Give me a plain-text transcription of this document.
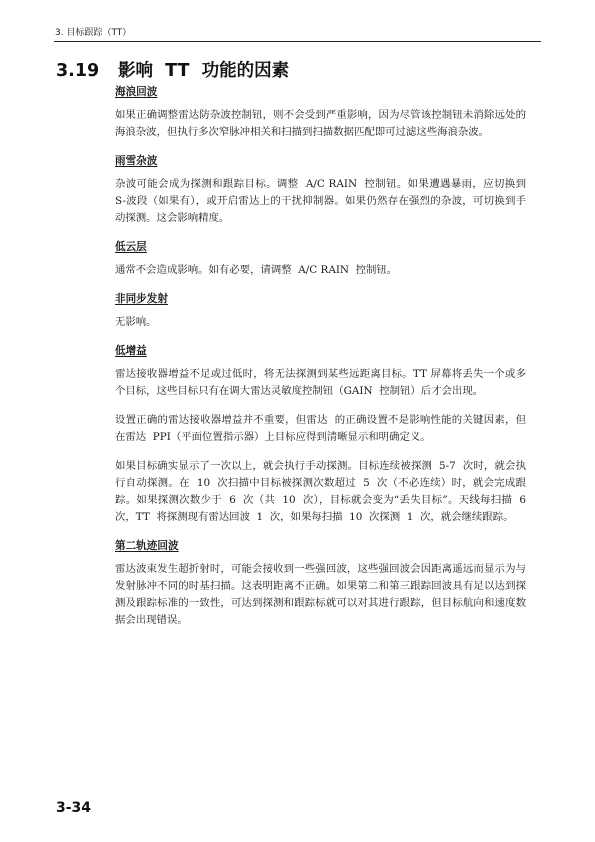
3. 目标跟踪（TT）
3.19 影响  TT  功能的因素
海浪回波

如果正确调整雷达防杂波控制钮，则不会受到严重影响，因为尽管该控制钮未消除远处的海浪杂波，但执行多次窄脉冲相关和扫描到扫描数据匹配即可过滤这些海浪杂波。

雨雪杂波

杂波可能会成为探测和跟踪目标。调整  A/C RAIN  控制钮。如果遭遇暴雨，应切换到  S-波段（如果有），或开启雷达上的干扰抑制器。如果仍然存在强烈的杂波，可切换到手动探测。这会影响精度。

低云层

通常不会造成影响。如有必要，请调整  A/C RAIN  控制钮。

非同步发射

无影响。

低增益

雷达接收器增益不足或过低时，将无法探测到某些远距离目标。TT 屏幕将丢失一个或多个目标，这些目标只有在调大雷达灵敏度控制钮（GAIN  控制钮）后才会出现。

设置正确的雷达接收器增益并不重要，但雷达  的正确设置不是影响性能的关键因素，但在雷达  PPI（平面位置指示器）上目标应得到清晰显示和明确定义。

如果目标确实显示了一次以上，就会执行手动探测。目标连续被探测  5-7  次时，就会执行自动探测。在  10  次扫描中目标被探测次数超过  5  次（不必连续）时，就会完成跟踪。如果探测次数少于  6  次（共  10  次），目标就会变为“丢失目标”。天线每扫描  6  次，TT  将探测现有雷达回波  1  次，如果每扫描  10  次探测  1  次，就会继续跟踪。

第二轨迹回波

雷达波束发生超折射时，可能会接收到一些强回波，这些强回波会因距离遥远而显示为与发射脉冲不同的时基扫描。这表明距离不正确。如果第二和第三跟踪回波具有足以达到探测及跟踪标准的一致性，可达到探测和跟踪标就可以对其进行跟踪，但目标航向和速度数据会出现错误。

3-34
